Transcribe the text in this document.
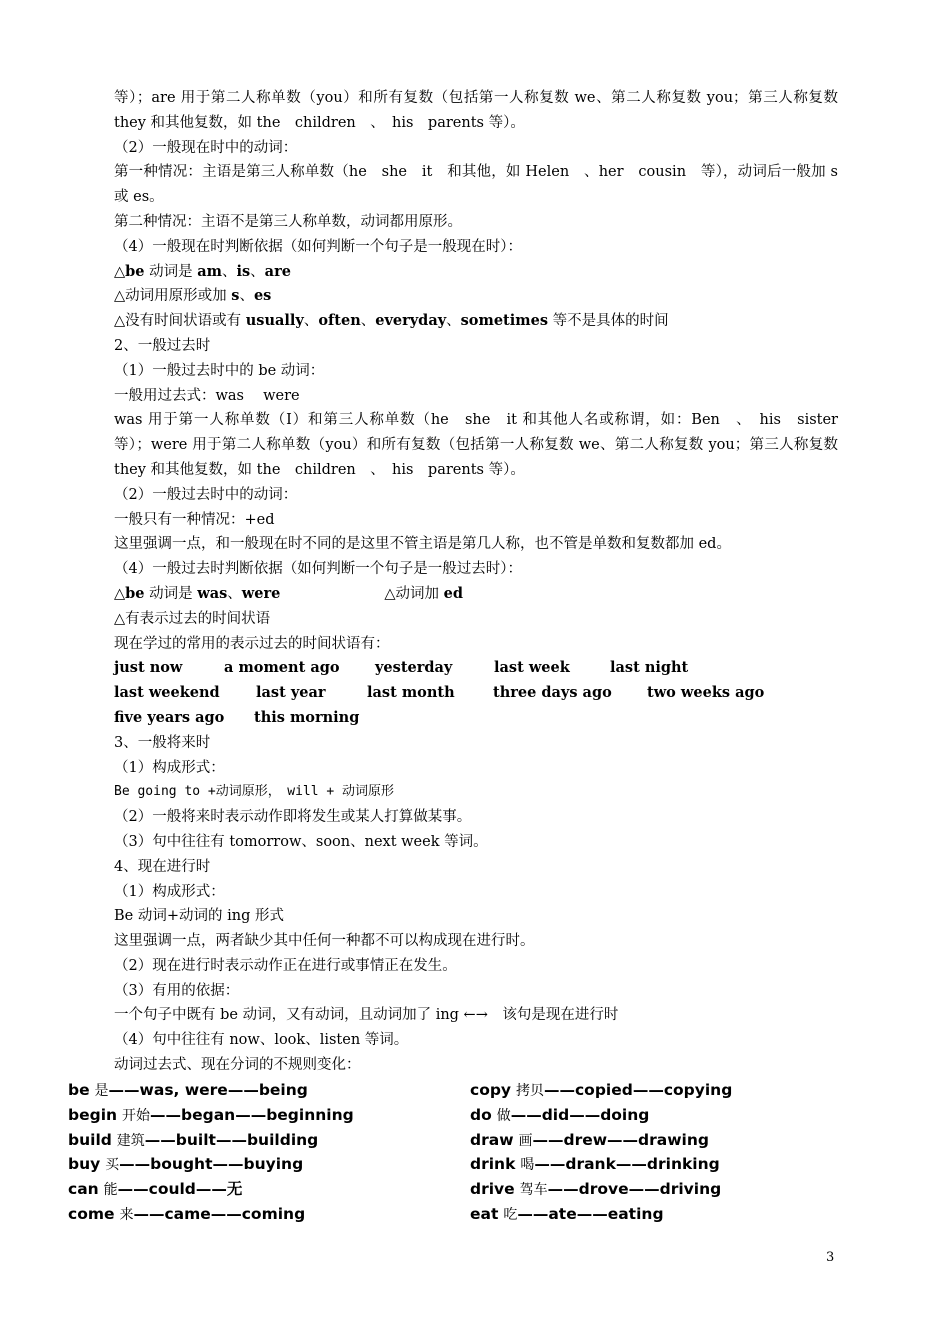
等）；are 用于第二人称单数（you）和所有复数（包括第一人称复数 we、第二人称复数 you；第三人称复数 they 和其他复数，如 the　children　、　his　parents 等）。

（2）一般现在时中的动词：

第一种情况：主语是第三人称单数（he　she　it　和其他，如 Helen　、her　cousin　等），动词后一般加 s 或 es。

第二种情况：主语不是第三人称单数，动词都用原形。

（4）一般现在时判断依据（如何判断一个句子是一般现在时）：

△be 动词是 am、is、are

△动词用原形或加 s、es

△没有时间状语或有 usually、often、everyday、sometimes 等不是具体的时间

2、一般过去时

（1）一般过去时中的 be 动词：

一般用过去式：was　 were

was 用于第一人称单数（I）和第三人称单数（he　she　it 和其他人名或称谓，如：Ben　、　his　sister 等）；were 用于第二人称单数（you）和所有复数（包括第一人称复数 we、第二人称复数 you；第三人称复数 they 和其他复数，如 the　children　、　his　parents 等）。

（2）一般过去时中的动词：

一般只有一种情况：+ed

这里强调一点，和一般现在时不同的是这里不管主语是第几人称，也不管是单数和复数都加 ed。

（4）一般过去时判断依据（如何判断一个句子是一般过去时）：

△be 动词是 was、were	△动词加 ed

△有表示过去的时间状语

现在学过的常用的表示过去的时间状语有：

just now	a moment ago	yesterday	last week	last night
last weekend	last year	last month	three days ago	two weeks ago
five years ago	this morning

3、一般将来时

（1）构成形式：

Be going to +动词原形，　will + 动词原形

（2）一般将来时表示动作即将发生或某人打算做某事。

（3）句中往往有 tomorrow、soon、next week 等词。

4、现在进行时

（1）构成形式：

Be 动词+动词的 ing 形式

这里强调一点，两者缺少其中任何一种都不可以构成现在进行时。

（2）现在进行时表示动作正在进行或事情正在发生。

（3）有用的依据：

一个句子中既有 be 动词，又有动词，且动词加了 ing ←→　该句是现在进行时

（4）句中往往有 now、look、listen 等词。

动词过去式、现在分词的不规则变化：

be 是——was, were——being	copy 拷贝——copied——copying
begin 开始——began——beginning	do 做——did——doing
build 建筑——built——building	draw 画——drew——drawing
buy 买——bought——buying	drink 喝——drank——drinking
can 能——could——无	drive 驾车——drove——driving
come 来——came——coming	eat 吃——ate——eating
3
